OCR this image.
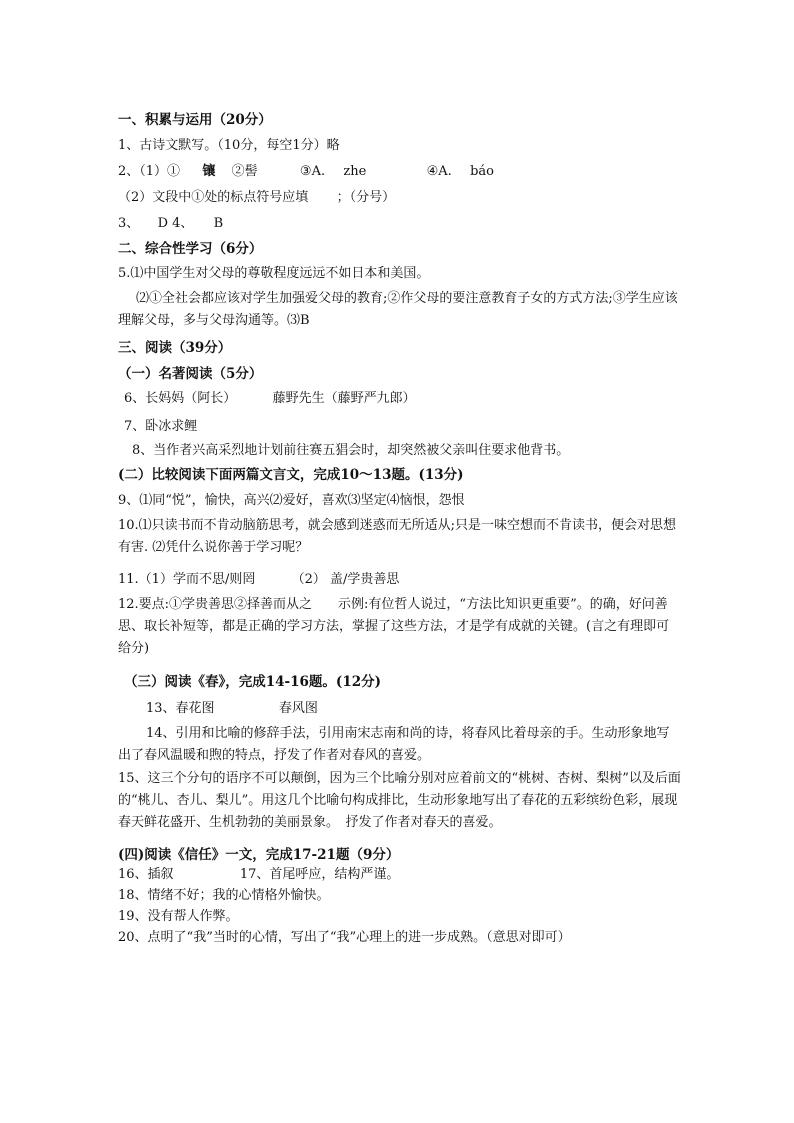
一、积累与运用（20分）
1、古诗文默写。（10分，每空1分）略
2、（1）① 镶 ②髻	③A. zhe	④A. báo
（2）文段中①处的标点符号应填 ；（分号）
3、 D 4、 B
二、综合性学习（6分）
5.⑴中国学生对父母的尊敬程度远远不如日本和美国。
⑵①全社会都应该对学生加强爱父母的教育;②作父母的要注意教育子女的方式方法;③学生应该理解父母，多与父母沟通等。⑶B
三、阅读（39分）
（一）名著阅读（5分）
6、长妈妈（阿长）	藤野先生（藤野严九郎）
7、卧冰求鲤
8、当作者兴高采烈地计划前往赛五猖会时，却突然被父亲叫住要求他背书。
(二）比较阅读下面两篇文言文，完成10～13题。(13分)
9、⑴同“悦”，愉快，高兴⑵爱好，喜欢⑶坚定⑷恼恨，怨恨
10.⑴只读书而不肯动脑筋思考，就会感到迷惑而无所适从;只是一味空想而不肯读书，便会对思想有害. ⑵凭什么说你善于学习呢？
11.（1）学而不思/则罔	（2） 盖/学贵善思
12.要点:①学贵善思②择善而从之　　示例:有位哲人说过，“方法比知识更重要”。的确，好问善思、取长补短等，都是正确的学习方法，掌握了这些方法，才是学有成就的关键。(言之有理即可给分)
（三）阅读《春》，完成14-16题。(12分)
13、春花图	春风图
14、引用和比喻的修辞手法，引用南宋志南和尚的诗，将春风比着母亲的手。生动形象地写出了春风温暖和煦的特点，抒发了作者对春风的喜爱。
15、这三个分句的语序不可以颠倒，因为三个比喻分别对应着前文的“桃树、杏树、梨树”以及后面的“桃儿、杏儿、梨儿”。用这几个比喻句构成排比，生动形象地写出了春花的五彩缤纷色彩，展现春天鲜花盛开、生机勃勃的美丽景象。　抒发了作者对春天的喜爱。
(四)阅读《信任》一文，完成17-21题（9分）
16、插叙	17、首尾呼应，结构严谨。
18、情绪不好；我的心情格外愉快。
19、没有帮人作弊。
20、点明了“我”当时的心情，写出了“我”心理上的进一步成熟。（意思对即可）
